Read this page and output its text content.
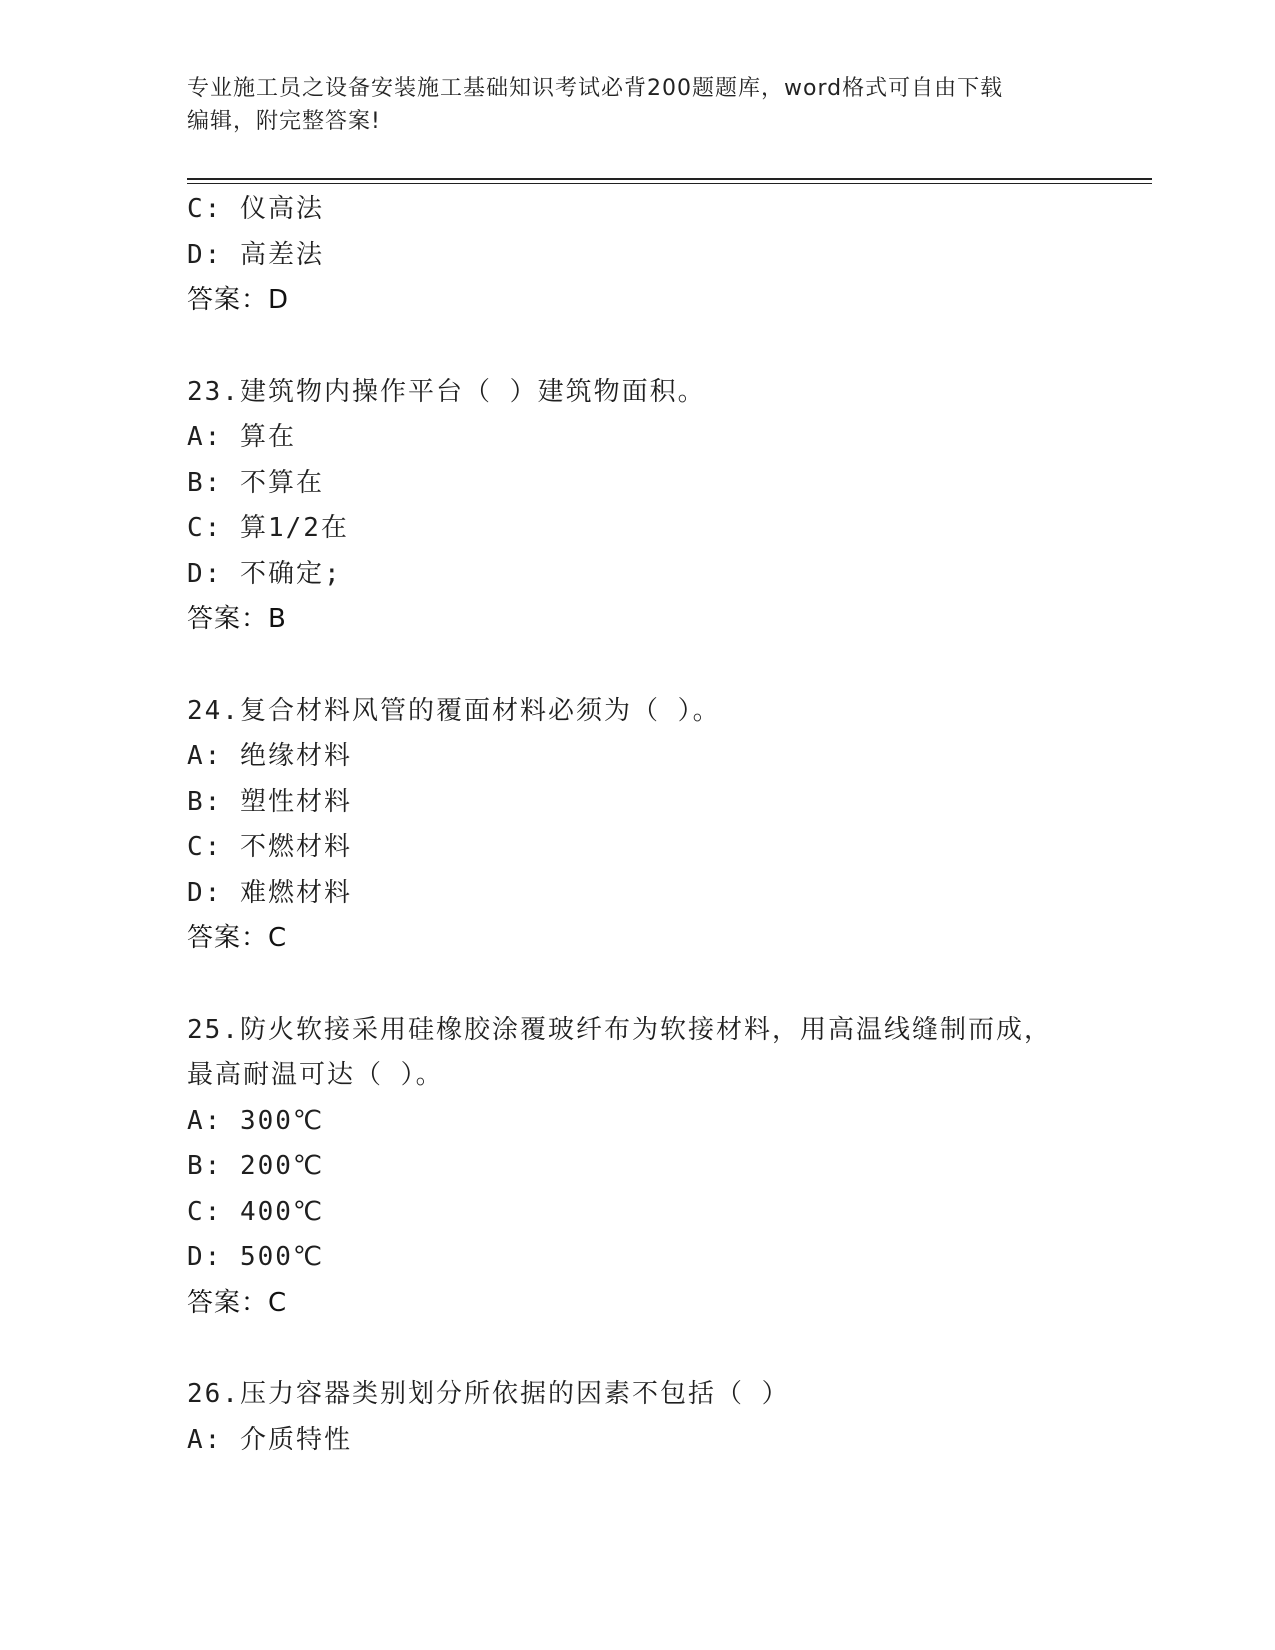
专业施工员之设备安装施工基础知识考试必背200题题库，word格式可自由下载
编辑，附完整答案!
C: 仪高法
D: 高差法
答案：D
23.建筑物内操作平台（ ）建筑物面积。
A: 算在
B: 不算在
C: 算1/2在
D: 不确定;
答案：B
24.复合材料风管的覆面材料必须为（ ）。
A: 绝缘材料
B: 塑性材料
C: 不燃材料
D: 难燃材料
答案：C
25.防火软接采用硅橡胶涂覆玻纤布为软接材料，用高温线缝制而成，
最高耐温可达（ ）。
A: 300℃
B: 200℃
C: 400℃
D: 500℃
答案：C
26.压力容器类别划分所依据的因素不包括（ ）
A: 介质特性
